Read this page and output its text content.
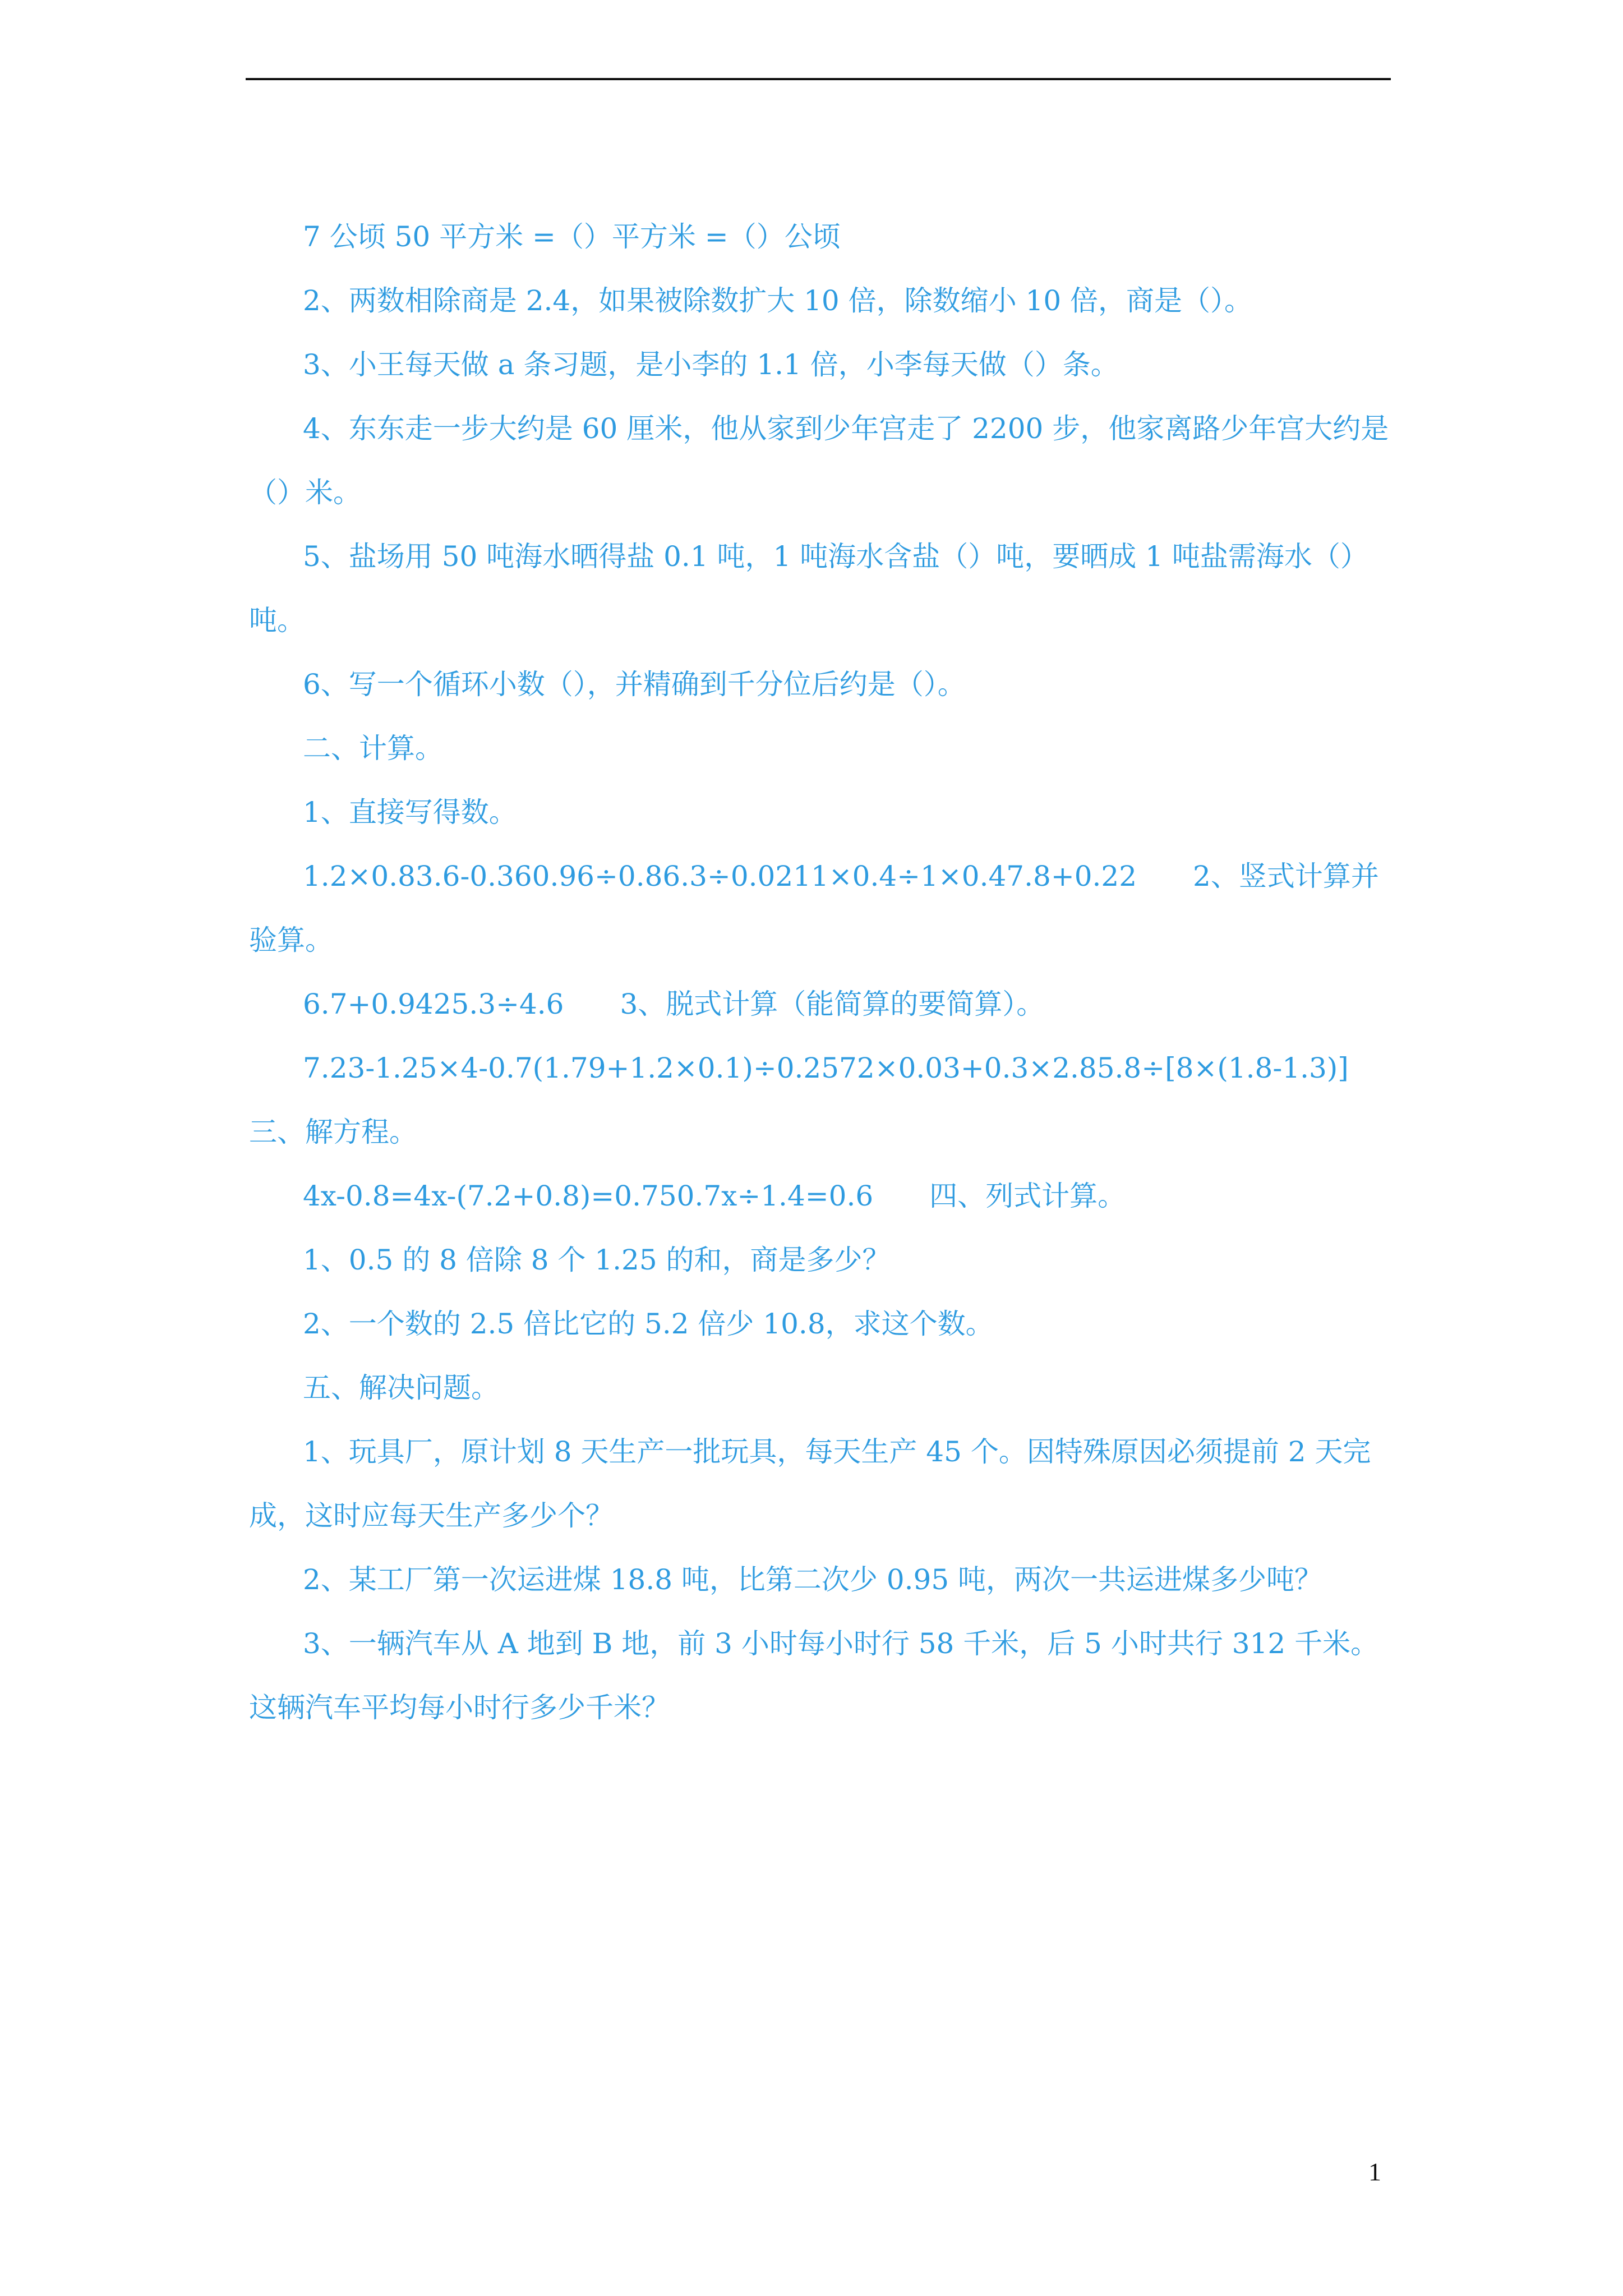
7 公顷 50 平方米 =（）平方米 =（）公顷

2、两数相除商是 2.4，如果被除数扩大 10 倍，除数缩小 10 倍，商是（）。

3、小王每天做 a 条习题，是小李的 1.1 倍，小李每天做（）条。

4、东东走一步大约是 60 厘米，他从家到少年宫走了 2200 步，他家离路少年宫大约是（）米。

5、盐场用 50 吨海水晒得盐 0.1 吨，1 吨海水含盐（）吨，要晒成 1 吨盐需海水（）吨。

6、写一个循环小数（），并精确到千分位后约是（）。

二、计算。

1、直接写得数。

1.2×0.83.6-0.360.96÷0.86.3÷0.0211×0.4÷1×0.47.8+0.22　　2、竖式计算并验算。

6.7+0.9425.3÷4.6　　3、脱式计算（能简算的要简算）。

7.23-1.25×4-0.7(1.79+1.2×0.1)÷0.2572×0.03+0.3×2.85.8÷[8×(1.8-1.3)]三、解方程。

4x-0.8=4x-(7.2+0.8)=0.750.7x÷1.4=0.6　　四、列式计算。

1、0.5 的 8 倍除 8 个 1.25 的和，商是多少？

2、一个数的 2.5 倍比它的 5.2 倍少 10.8，求这个数。

五、解决问题。

1、玩具厂，原计划 8 天生产一批玩具，每天生产 45 个。因特殊原因必须提前 2 天完成，这时应每天生产多少个？

2、某工厂第一次运进煤 18.8 吨，比第二次少 0.95 吨，两次一共运进煤多少吨？

3、一辆汽车从 A 地到 B 地，前 3 小时每小时行 58 千米，后 5 小时共行 312 千米。这辆汽车平均每小时行多少千米？

1
